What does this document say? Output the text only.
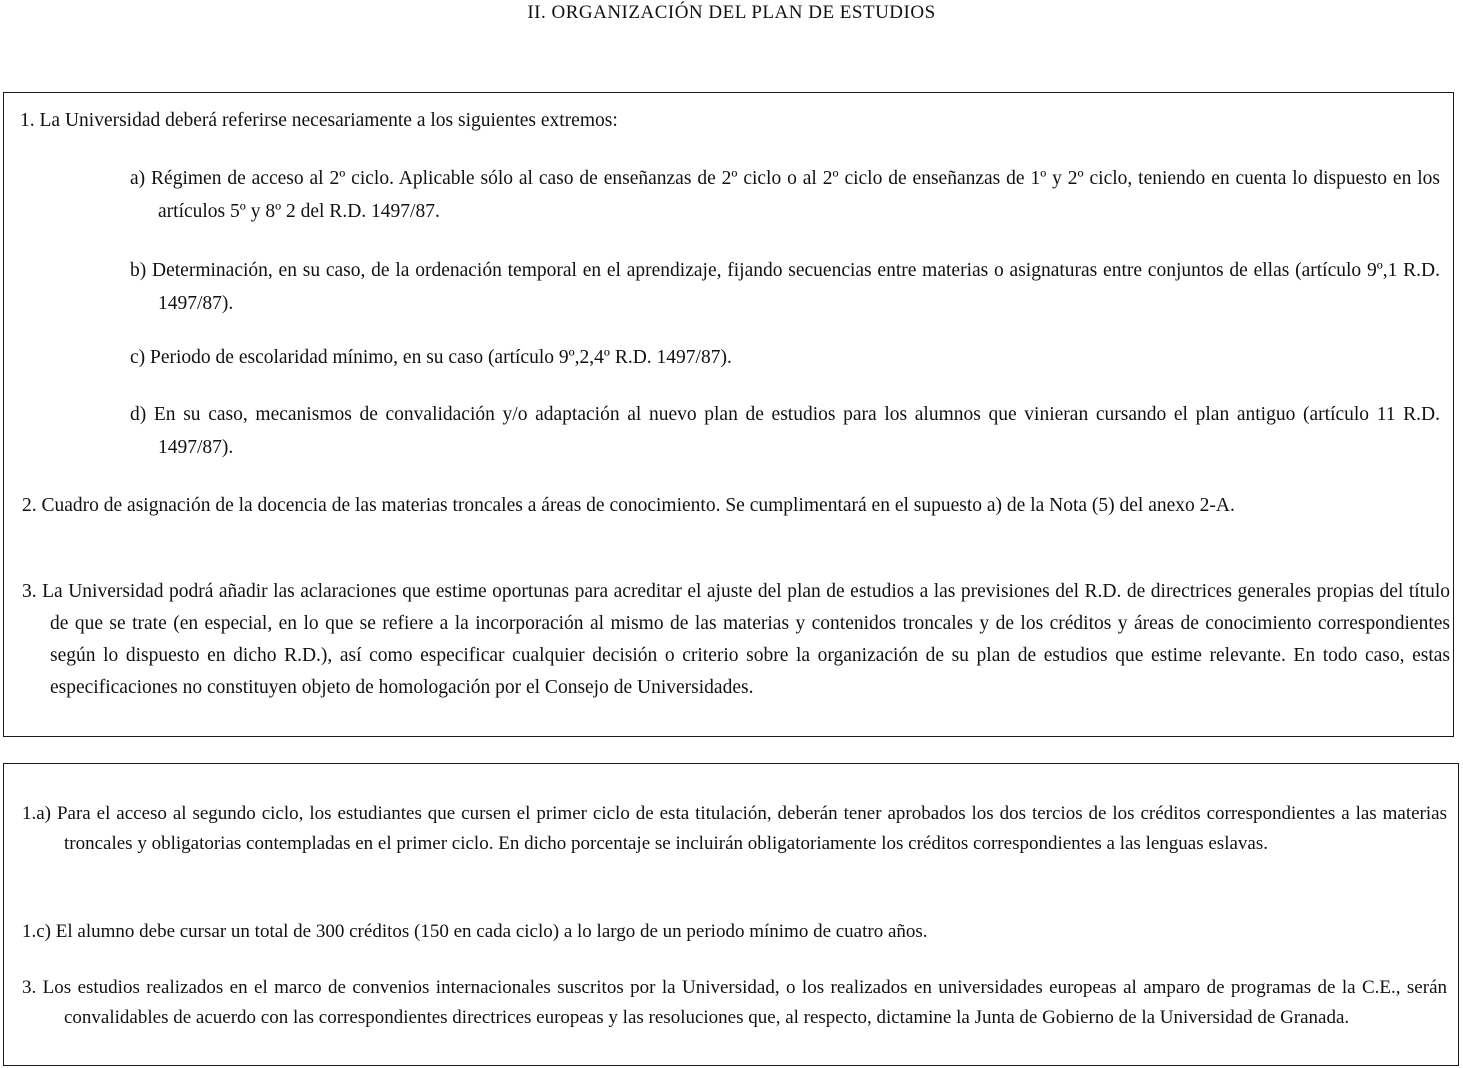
II. ORGANIZACIÓN DEL PLAN DE ESTUDIOS

1. La Universidad deberá referirse necesariamente a los siguientes extremos:

a) Régimen de acceso al 2º ciclo. Aplicable sólo al caso de enseñanzas de 2º ciclo o al 2º ciclo de enseñanzas de 1º y 2º ciclo, teniendo en cuenta lo dispuesto en los artículos 5º y 8º 2 del R.D. 1497/87.

b) Determinación, en su caso, de la ordenación temporal en el aprendizaje, fijando secuencias entre materias o asignaturas entre conjuntos de ellas (artículo 9º,1 R.D. 1497/87).

c) Periodo de escolaridad mínimo, en su caso (artículo 9º,2,4º R.D. 1497/87).

d) En su caso, mecanismos de convalidación y/o adaptación al nuevo plan de estudios para los alumnos que vinieran cursando el plan antiguo (artículo 11 R.D. 1497/87).

2. Cuadro de asignación de la docencia de las materias troncales a áreas de conocimiento. Se cumplimentará en el supuesto a) de la Nota (5) del anexo 2-A.

3. La Universidad podrá añadir las aclaraciones que estime oportunas para acreditar el ajuste del plan de estudios a las previsiones del R.D. de directrices generales propias del título de que se trate (en especial, en lo que se refiere a la incorporación al mismo de las materias y contenidos troncales y de los créditos y áreas de conocimiento correspondientes según lo dispuesto en dicho R.D.), así como especificar cualquier decisión o criterio sobre la organización de su plan de estudios que estime relevante. En todo caso, estas especificaciones no constituyen objeto de homologación por el Consejo de Universidades.

1.a) Para el acceso al segundo ciclo, los estudiantes que cursen el primer ciclo de esta titulación, deberán tener aprobados los dos tercios de los créditos correspondientes a las materias troncales y obligatorias contempladas en el primer ciclo. En dicho porcentaje se incluirán obligatoriamente los créditos correspondientes a las lenguas eslavas.

1.c) El alumno debe cursar un total de 300 créditos (150 en cada ciclo) a lo largo de un periodo mínimo de cuatro años.

3. Los estudios realizados en el marco de convenios internacionales suscritos por la Universidad, o los realizados en universidades europeas al amparo de programas de la C.E., serán convalidables de acuerdo con las correspondientes directrices europeas y las resoluciones que, al respecto, dictamine la Junta de Gobierno de la Universidad de Granada.
